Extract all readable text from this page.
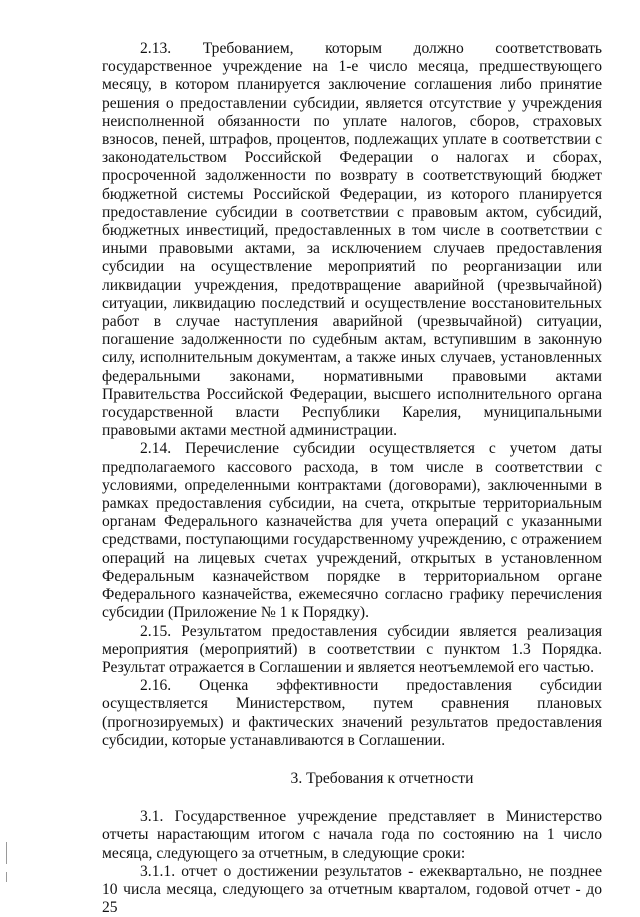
2.13. Требованием, которым должно соответствовать государственное учреждение на 1-е число месяца, предшествующего месяцу, в котором планируется заключение соглашения либо принятие решения о предоставлении субсидии, является отсутствие у учреждения неисполненной обязанности по уплате налогов, сборов, страховых взносов, пеней, штрафов, процентов, подлежащих уплате в соответствии с законодательством Российской Федерации о налогах и сборах, просроченной задолженности по возврату в соответствующий бюджет бюджетной системы Российской Федерации, из которого планируется предоставление субсидии в соответствии с правовым актом, субсидий, бюджетных инвестиций, предоставленных в том числе в соответствии с иными правовыми актами, за исключением случаев предоставления субсидии на осуществление мероприятий по реорганизации или ликвидации учреждения, предотвращение аварийной (чрезвычайной) ситуации, ликвидацию последствий и осуществление восстановительных работ в случае наступления аварийной (чрезвычайной) ситуации, погашение задолженности по судебным актам, вступившим в законную силу, исполнительным документам, а также иных случаев, установленных федеральными законами, нормативными правовыми актами Правительства Российской Федерации, высшего исполнительного органа государственной власти Республики Карелия, муниципальными правовыми актами местной администрации.

2.14. Перечисление субсидии осуществляется с учетом даты предполагаемого кассового расхода, в том числе в соответствии с условиями, определенными контрактами (договорами), заключенными в рамках предоставления субсидии, на счета, открытые территориальным органам Федерального казначейства для учета операций с указанными средствами, поступающими государственному учреждению, с отражением операций на лицевых счетах учреждений, открытых в установленном Федеральным казначейством порядке в территориальном органе Федерального казначейства, ежемесячно согласно графику перечисления субсидии (Приложение № 1 к Порядку).

2.15. Результатом предоставления субсидии является реализация мероприятия (мероприятий) в соответствии с пунктом 1.3 Порядка. Результат отражается в Соглашении и является неотъемлемой его частью.

2.16. Оценка эффективности предоставления субсидии осуществляется Министерством, путем сравнения плановых (прогнозируемых) и фактических значений результатов предоставления субсидии, которые устанавливаются в Соглашении.

3. Требования к отчетности

3.1. Государственное учреждение представляет в Министерство отчеты нарастающим итогом с начала года по состоянию на 1 число месяца, следующего за отчетным, в следующие сроки:

3.1.1. отчет о достижении результатов - ежеквартально, не позднее 10 числа месяца, следующего за отчетным кварталом, годовой отчет - до 25
